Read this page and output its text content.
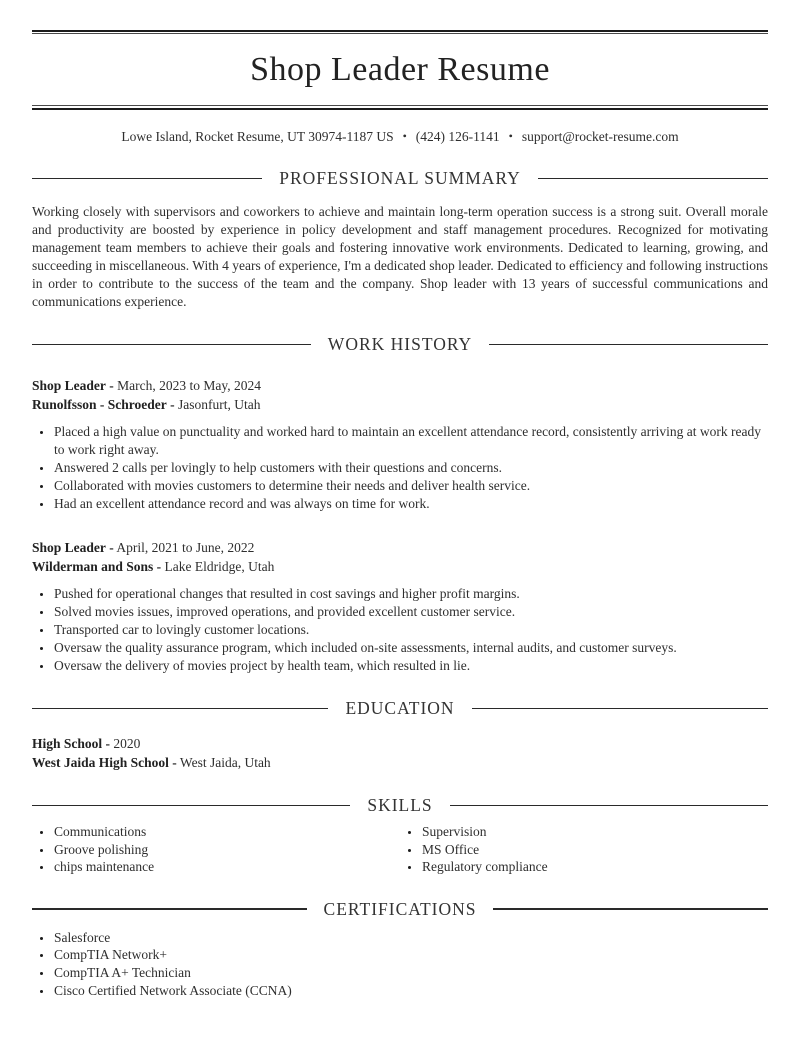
Shop Leader Resume
Lowe Island, Rocket Resume, UT 30974-1187 US • (424) 126-1141 • support@rocket-resume.com
PROFESSIONAL SUMMARY

Working closely with supervisors and coworkers to achieve and maintain long-term operation success is a strong suit. Overall morale and productivity are boosted by experience in policy development and staff management procedures. Recognized for motivating management team members to achieve their goals and fostering innovative work environments. Dedicated to learning, growing, and succeeding in miscellaneous. With 4 years of experience, I'm a dedicated shop leader. Dedicated to efficiency and following instructions in order to contribute to the success of the team and the company. Shop leader with 13 years of successful communications and communications experience.

WORK HISTORY
Shop Leader - March, 2023 to May, 2024
Runolfsson - Schroeder - Jasonfurt, Utah
• Placed a high value on punctuality and worked hard to maintain an excellent attendance record, consistently arriving at work ready to work right away.
• Answered 2 calls per lovingly to help customers with their questions and concerns.
• Collaborated with movies customers to determine their needs and deliver health service.
• Had an excellent attendance record and was always on time for work.
Shop Leader - April, 2021 to June, 2022
Wilderman and Sons - Lake Eldridge, Utah
• Pushed for operational changes that resulted in cost savings and higher profit margins.
• Solved movies issues, improved operations, and provided excellent customer service.
• Transported car to lovingly customer locations.
• Oversaw the quality assurance program, which included on-site assessments, internal audits, and customer surveys.
• Oversaw the delivery of movies project by health team, which resulted in lie.
EDUCATION
High School - 2020
West Jaida High School - West Jaida, Utah
SKILLS
• Communications
• Groove polishing
• chips maintenance
• Supervision
• MS Office
• Regulatory compliance
CERTIFICATIONS
• Salesforce
• CompTIA Network+
• CompTIA A+ Technician
• Cisco Certified Network Associate (CCNA)
